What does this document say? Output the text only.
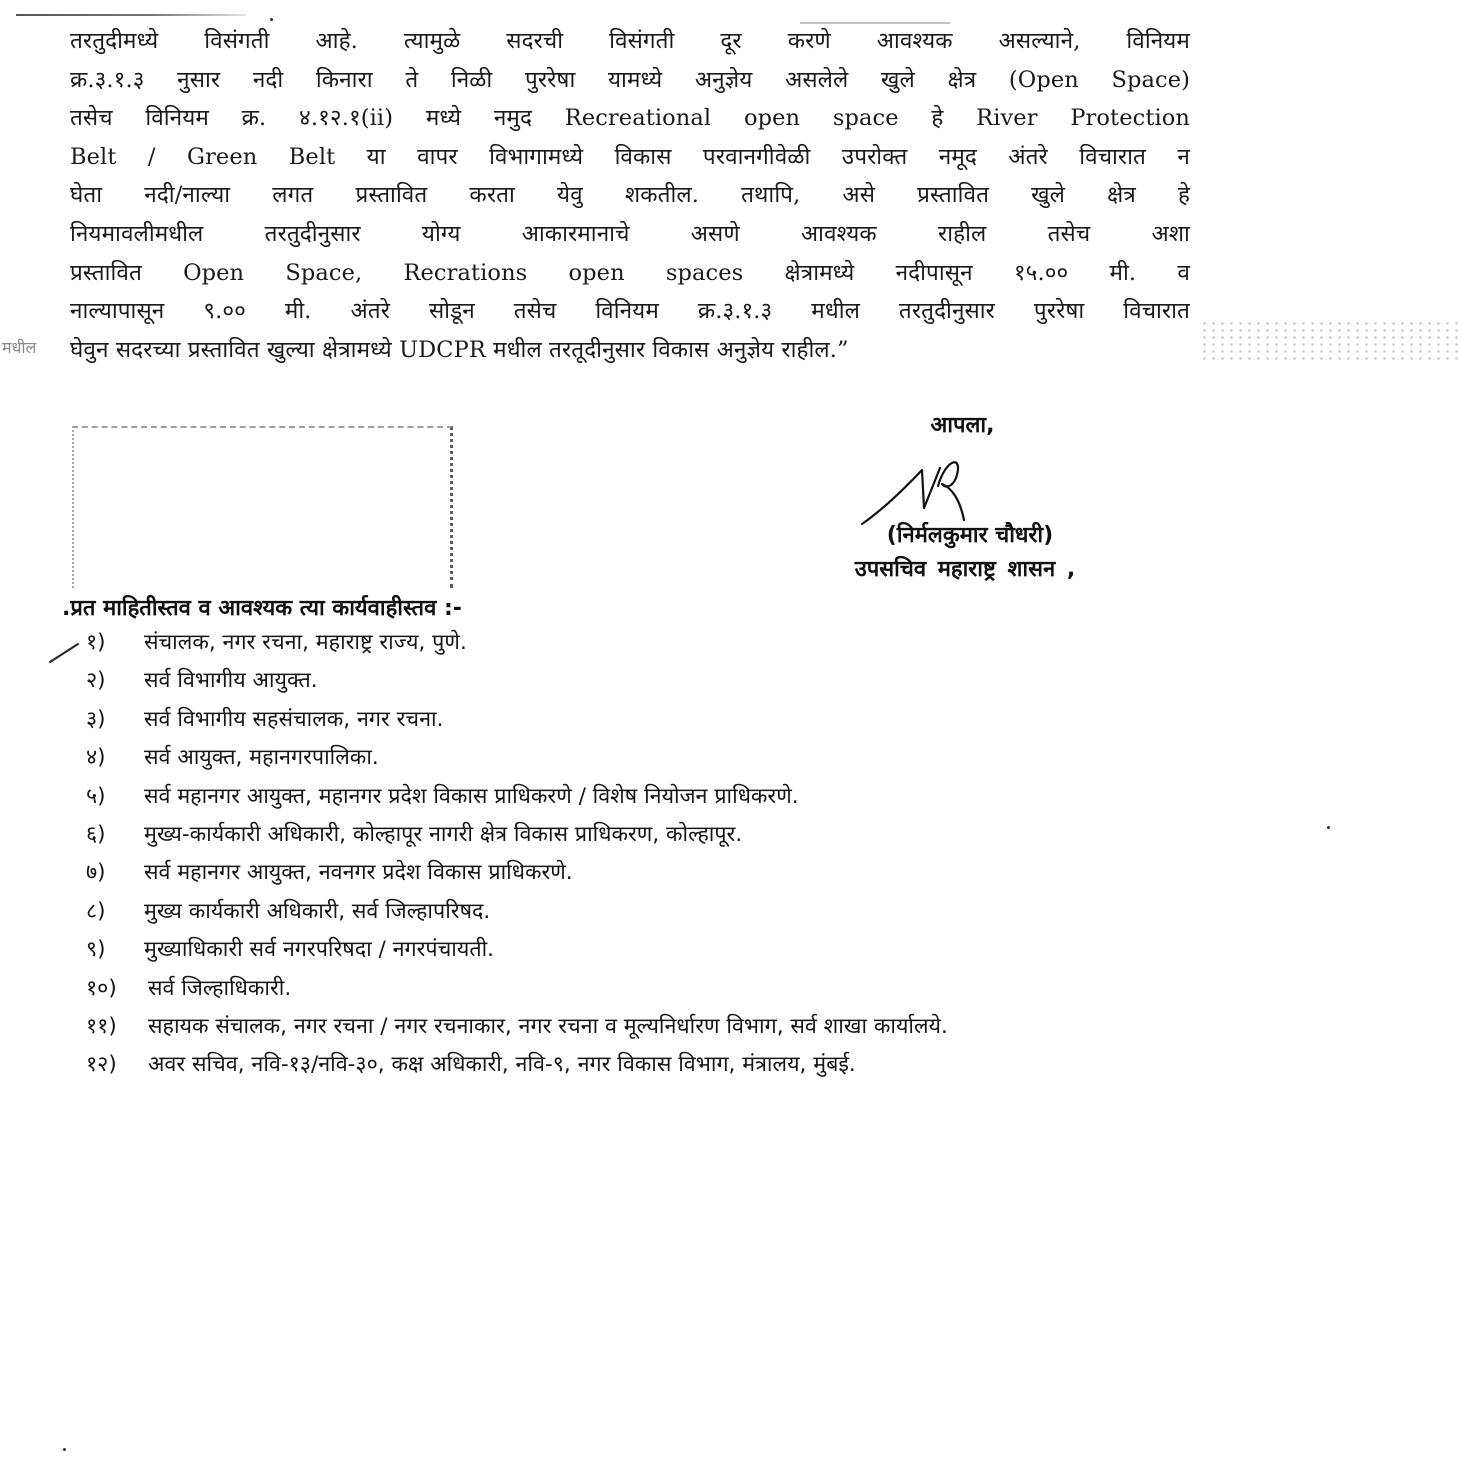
तरतुदीमध्ये विसंगती आहे. त्यामुळे सदरची विसंगती दूर करणे आवश्यक असल्याने, विनियम
क्र.३.१.३ नुसार नदी किनारा ते निळी पुररेषा यामध्ये अनुज्ञेय असलेले खुले क्षेत्र (Open Space)
तसेच विनियम क्र. ४.१२.१(ii) मध्ये नमुद Recreational open space हे River Protection
Belt / Green Belt या वापर विभागामध्ये विकास परवानगीवेळी उपरोक्त नमूद अंतरे विचारात न
घेता नदी/नाल्या लगत प्रस्तावित करता येवु शकतील. तथापि, असे प्रस्तावित खुले क्षेत्र हे
नियमावलीमधील तरतुदीनुसार योग्य आकारमानाचे असणे आवश्यक राहील तसेच अशा
प्रस्तावित Open Space, Recrations open spaces क्षेत्रामध्ये नदीपासून १५.०० मी. व
नाल्यापासून ९.०० मी. अंतरे सोडून तसेच विनियम क्र.३.१.३ मधील तरतुदीनुसार पुररेषा विचारात
घेवुन सदरच्या प्रस्तावित खुल्या क्षेत्रामध्ये UDCPR मधील तरतूदीनुसार विकास अनुज्ञेय राहील.”
मधील
आपला,
(निर्मलकुमार चौधरी)
उपसचिव महाराष्ट्र शासन ,
.प्रत माहितीस्तव व आवश्यक त्या कार्यवाहीस्तव :-
१)	संचालक, नगर रचना, महाराष्ट्र राज्य, पुणे.
२)	सर्व विभागीय आयुक्त.
३)	सर्व विभागीय सहसंचालक, नगर रचना.
४)	सर्व आयुक्त, महानगरपालिका.
५)	सर्व महानगर आयुक्त, महानगर प्रदेश विकास प्राधिकरणे / विशेष नियोजन प्राधिकरणे.
६)	मुख्य-कार्यकारी अधिकारी, कोल्हापूर नागरी क्षेत्र विकास प्राधिकरण, कोल्हापूर.
७)	सर्व महानगर आयुक्त, नवनगर प्रदेश विकास प्राधिकरणे.
८)	मुख्य कार्यकारी अधिकारी, सर्व जिल्हापरिषद.
९)	मुख्याधिकारी सर्व नगरपरिषदा / नगरपंचायती.
१०)	सर्व जिल्हाधिकारी.
११)	सहायक संचालक, नगर रचना / नगर रचनाकार, नगर रचना व मूल्यनिर्धारण विभाग, सर्व शाखा कार्यालये.
१२)	अवर सचिव, नवि-१३/नवि-३०, कक्ष अधिकारी, नवि-९, नगर विकास विभाग, मंत्रालय, मुंबई.
